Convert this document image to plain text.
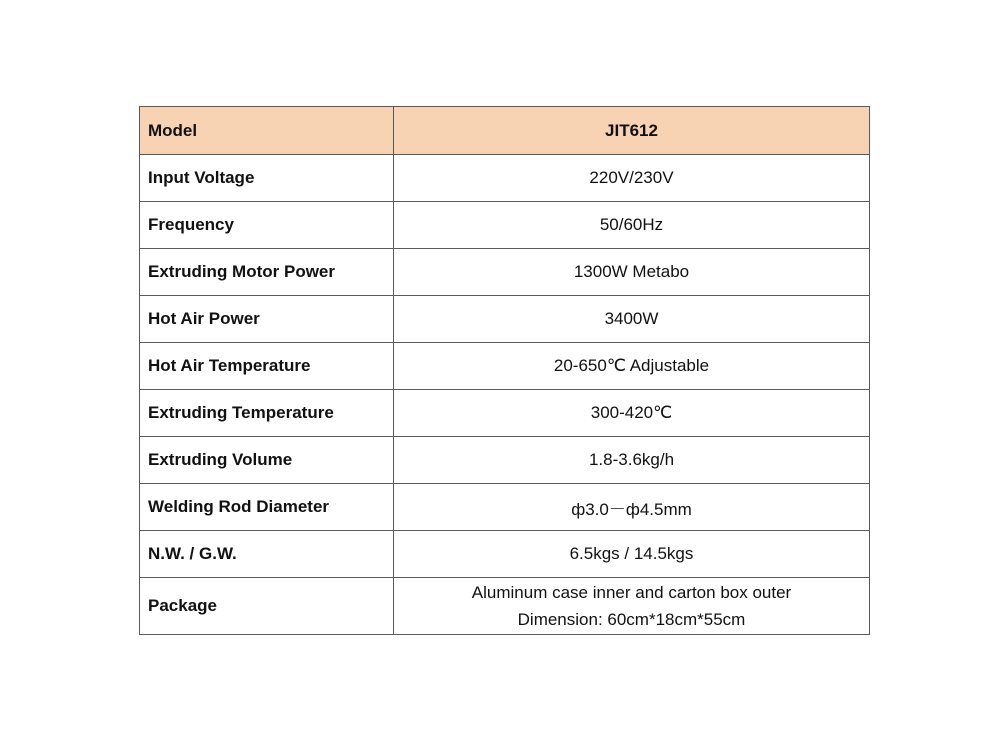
Model	JIT612
Input Voltage	220V/230V
Frequency	50/60Hz
Extruding Motor Power	1300W Metabo
Hot Air Power	3400W
Hot Air Temperature	20-650℃ Adjustable
Extruding Temperature	300-420℃
Extruding Volume	1.8-3.6kg/h
Welding Rod Diameter	ф3.0－ф4.5mm
N.W. / G.W.	6.5kgs / 14.5kgs
Package	Aluminum case inner and carton box outer
Dimension: 60cm*18cm*55cm
